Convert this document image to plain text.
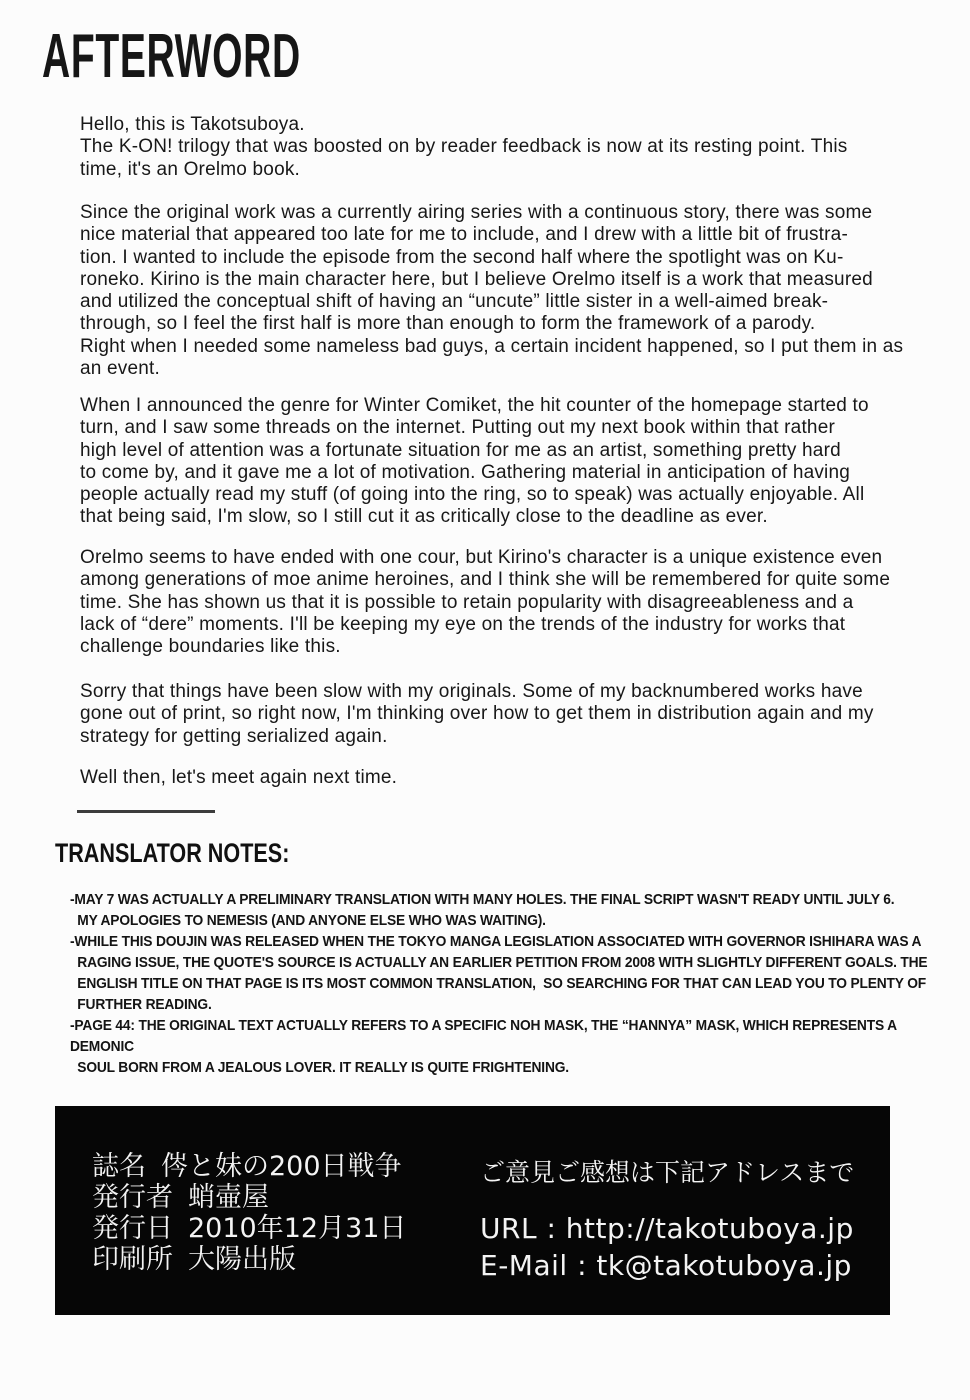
AFTERWORD
Hello, this is Takotsuboya.
The K-ON! trilogy that was boosted on by reader feedback is now at its resting point. This
time, it's an Orelmo book.
Since the original work was a currently airing series with a continuous story, there was some
nice material that appeared too late for me to include, and I drew with a little bit of frustra-
tion. I wanted to include the episode from the second half where the spotlight was on Ku-
roneko. Kirino is the main character here, but I believe Orelmo itself is a work that measured
and utilized the conceptual shift of having an “uncute” little sister in a well-aimed break-
through, so I feel the first half is more than enough to form the framework of a parody.
Right when I needed some nameless bad guys, a certain incident happened, so I put them in as
an event.
When I announced the genre for Winter Comiket, the hit counter of the homepage started to
turn, and I saw some threads on the internet. Putting out my next book within that rather
high level of attention was a fortunate situation for me as an artist, something pretty hard
to come by, and it gave me a lot of motivation. Gathering material in anticipation of having
people actually read my stuff (of going into the ring, so to speak) was actually enjoyable. All
that being said, I'm slow, so I still cut it as critically close to the deadline as ever.
Orelmo seems to have ended with one cour, but Kirino's character is a unique existence even
among generations of moe anime heroines, and I think she will be remembered for quite some
time. She has shown us that it is possible to retain popularity with disagreeableness and a
lack of “dere” moments. I'll be keeping my eye on the trends of the industry for works that
challenge boundaries like this.
Sorry that things have been slow with my originals. Some of my backnumbered works have
gone out of print, so right now, I'm thinking over how to get them in distribution again and my
strategy for getting serialized again.
Well then, let's meet again next time.
TRANSLATOR NOTES:
-MAY 7 WAS ACTUALLY A PRELIMINARY TRANSLATION WITH MANY HOLES. THE FINAL SCRIPT WASN'T READY UNTIL JULY 6.
MY APOLOGIES TO NEMESIS (AND ANYONE ELSE WHO WAS WAITING).
-WHILE THIS DOUJIN WAS RELEASED WHEN THE TOKYO MANGA LEGISLATION ASSOCIATED WITH GOVERNOR ISHIHARA WAS A
RAGING ISSUE, THE QUOTE'S SOURCE IS ACTUALLY AN EARLIER PETITION FROM 2008 WITH SLIGHTLY DIFFERENT GOALS. THE
ENGLISH TITLE ON THAT PAGE IS ITS MOST COMMON TRANSLATION,  SO SEARCHING FOR THAT CAN LEAD YOU TO PLENTY OF
FURTHER READING.
-PAGE 44: THE ORIGINAL TEXT ACTUALLY REFERS TO A SPECIFIC NOH MASK, THE “HANNYA” MASK, WHICH REPRESENTS A DEMONIC
SOUL BORN FROM A JEALOUS LOVER. IT REALLY IS QUITE FRIGHTENING.
誌名 侺と妹の200日戦争
発行者 蛸壷屋
発行日 2010年12月31日
印刷所 大陽出版
ご意見ご感想は下記アドレスまで
URL : http://takotuboya.jp
E-Mail : tk@takotuboya.jp
